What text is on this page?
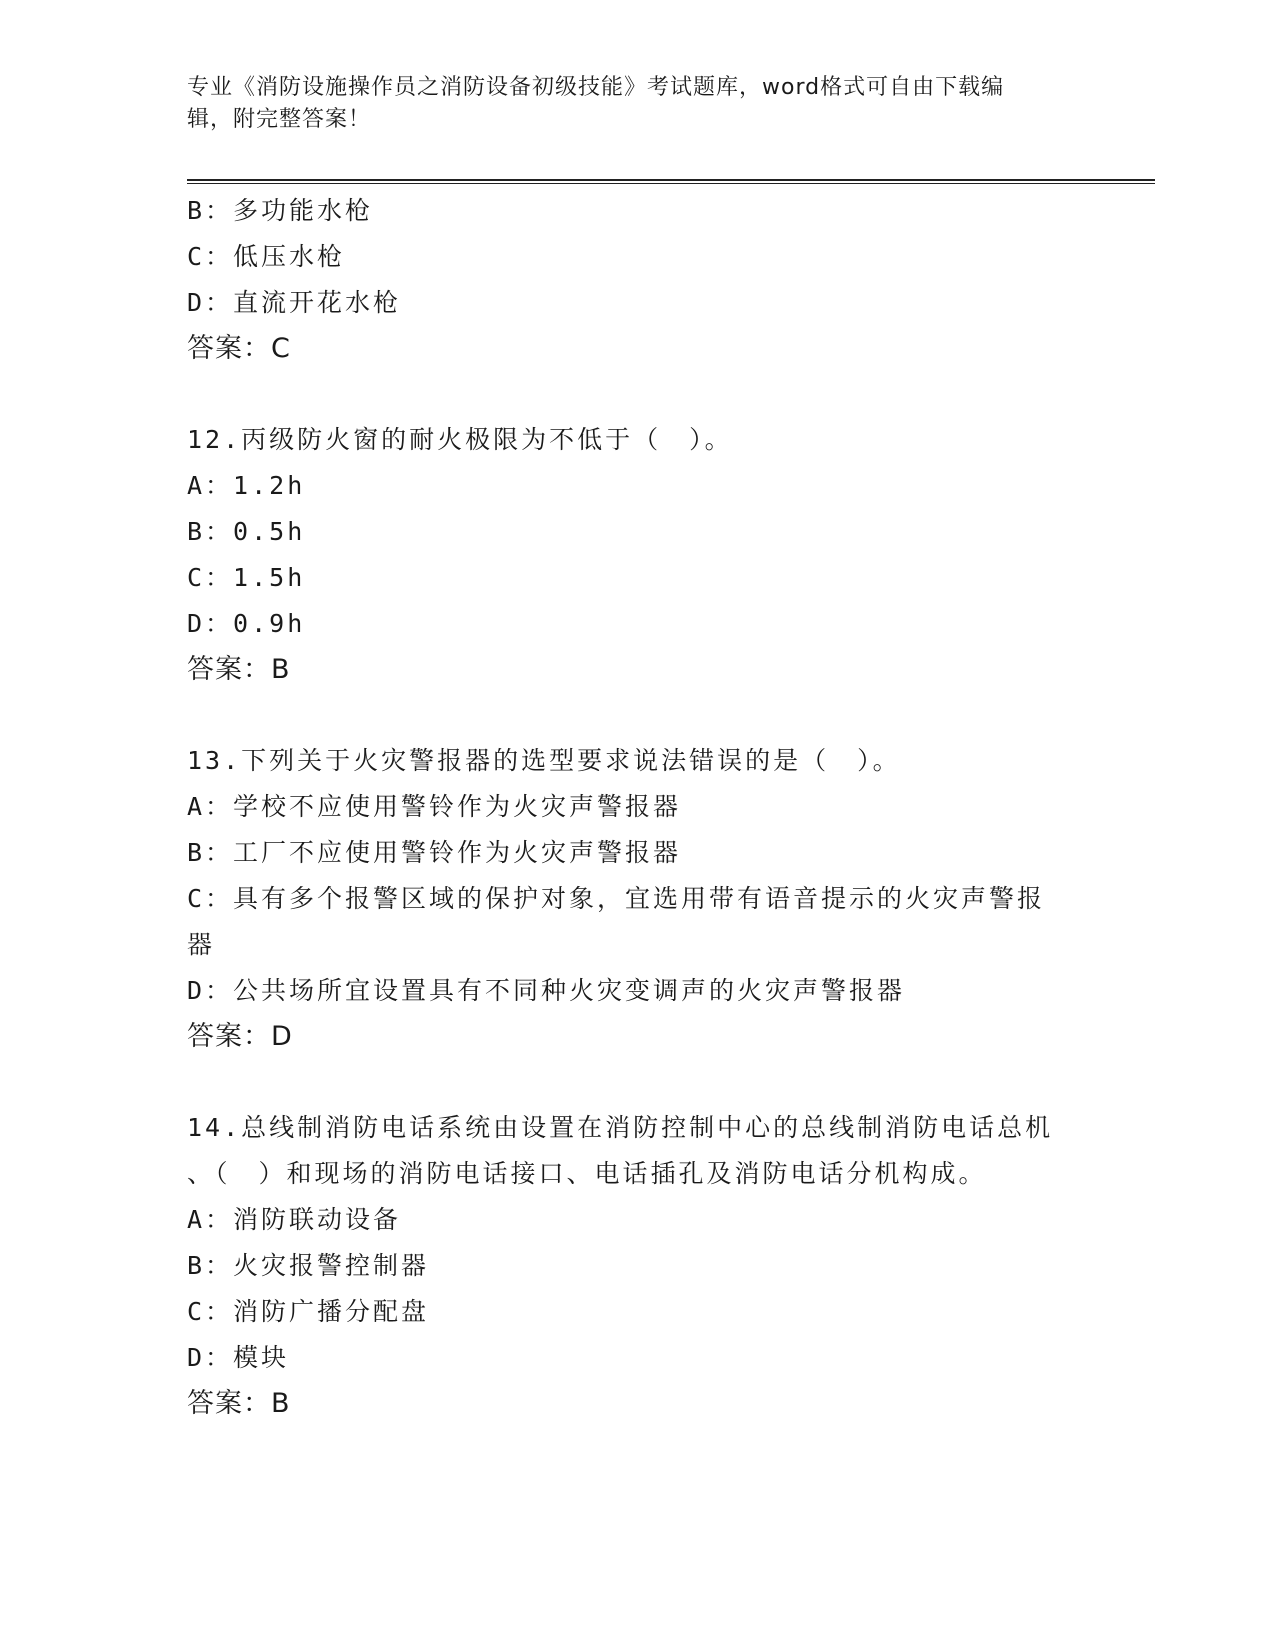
专业《消防设施操作员之消防设备初级技能》考试题库，word格式可自由下载编
辑，附完整答案！
B：多功能水枪
C：低压水枪
D：直流开花水枪
答案：C
12.丙级防火窗的耐火极限为不低于（　）。
A：1.2h
B：0.5h
C：1.5h
D：0.9h
答案：B
13.下列关于火灾警报器的选型要求说法错误的是（　）。
A：学校不应使用警铃作为火灾声警报器
B：工厂不应使用警铃作为火灾声警报器
C：具有多个报警区域的保护对象，宜选用带有语音提示的火灾声警报
器
D：公共场所宜设置具有不同种火灾变调声的火灾声警报器
答案：D
14.总线制消防电话系统由设置在消防控制中心的总线制消防电话总机
、（　）和现场的消防电话接口、电话插孔及消防电话分机构成。
A：消防联动设备
B：火灾报警控制器
C：消防广播分配盘
D：模块
答案：B
